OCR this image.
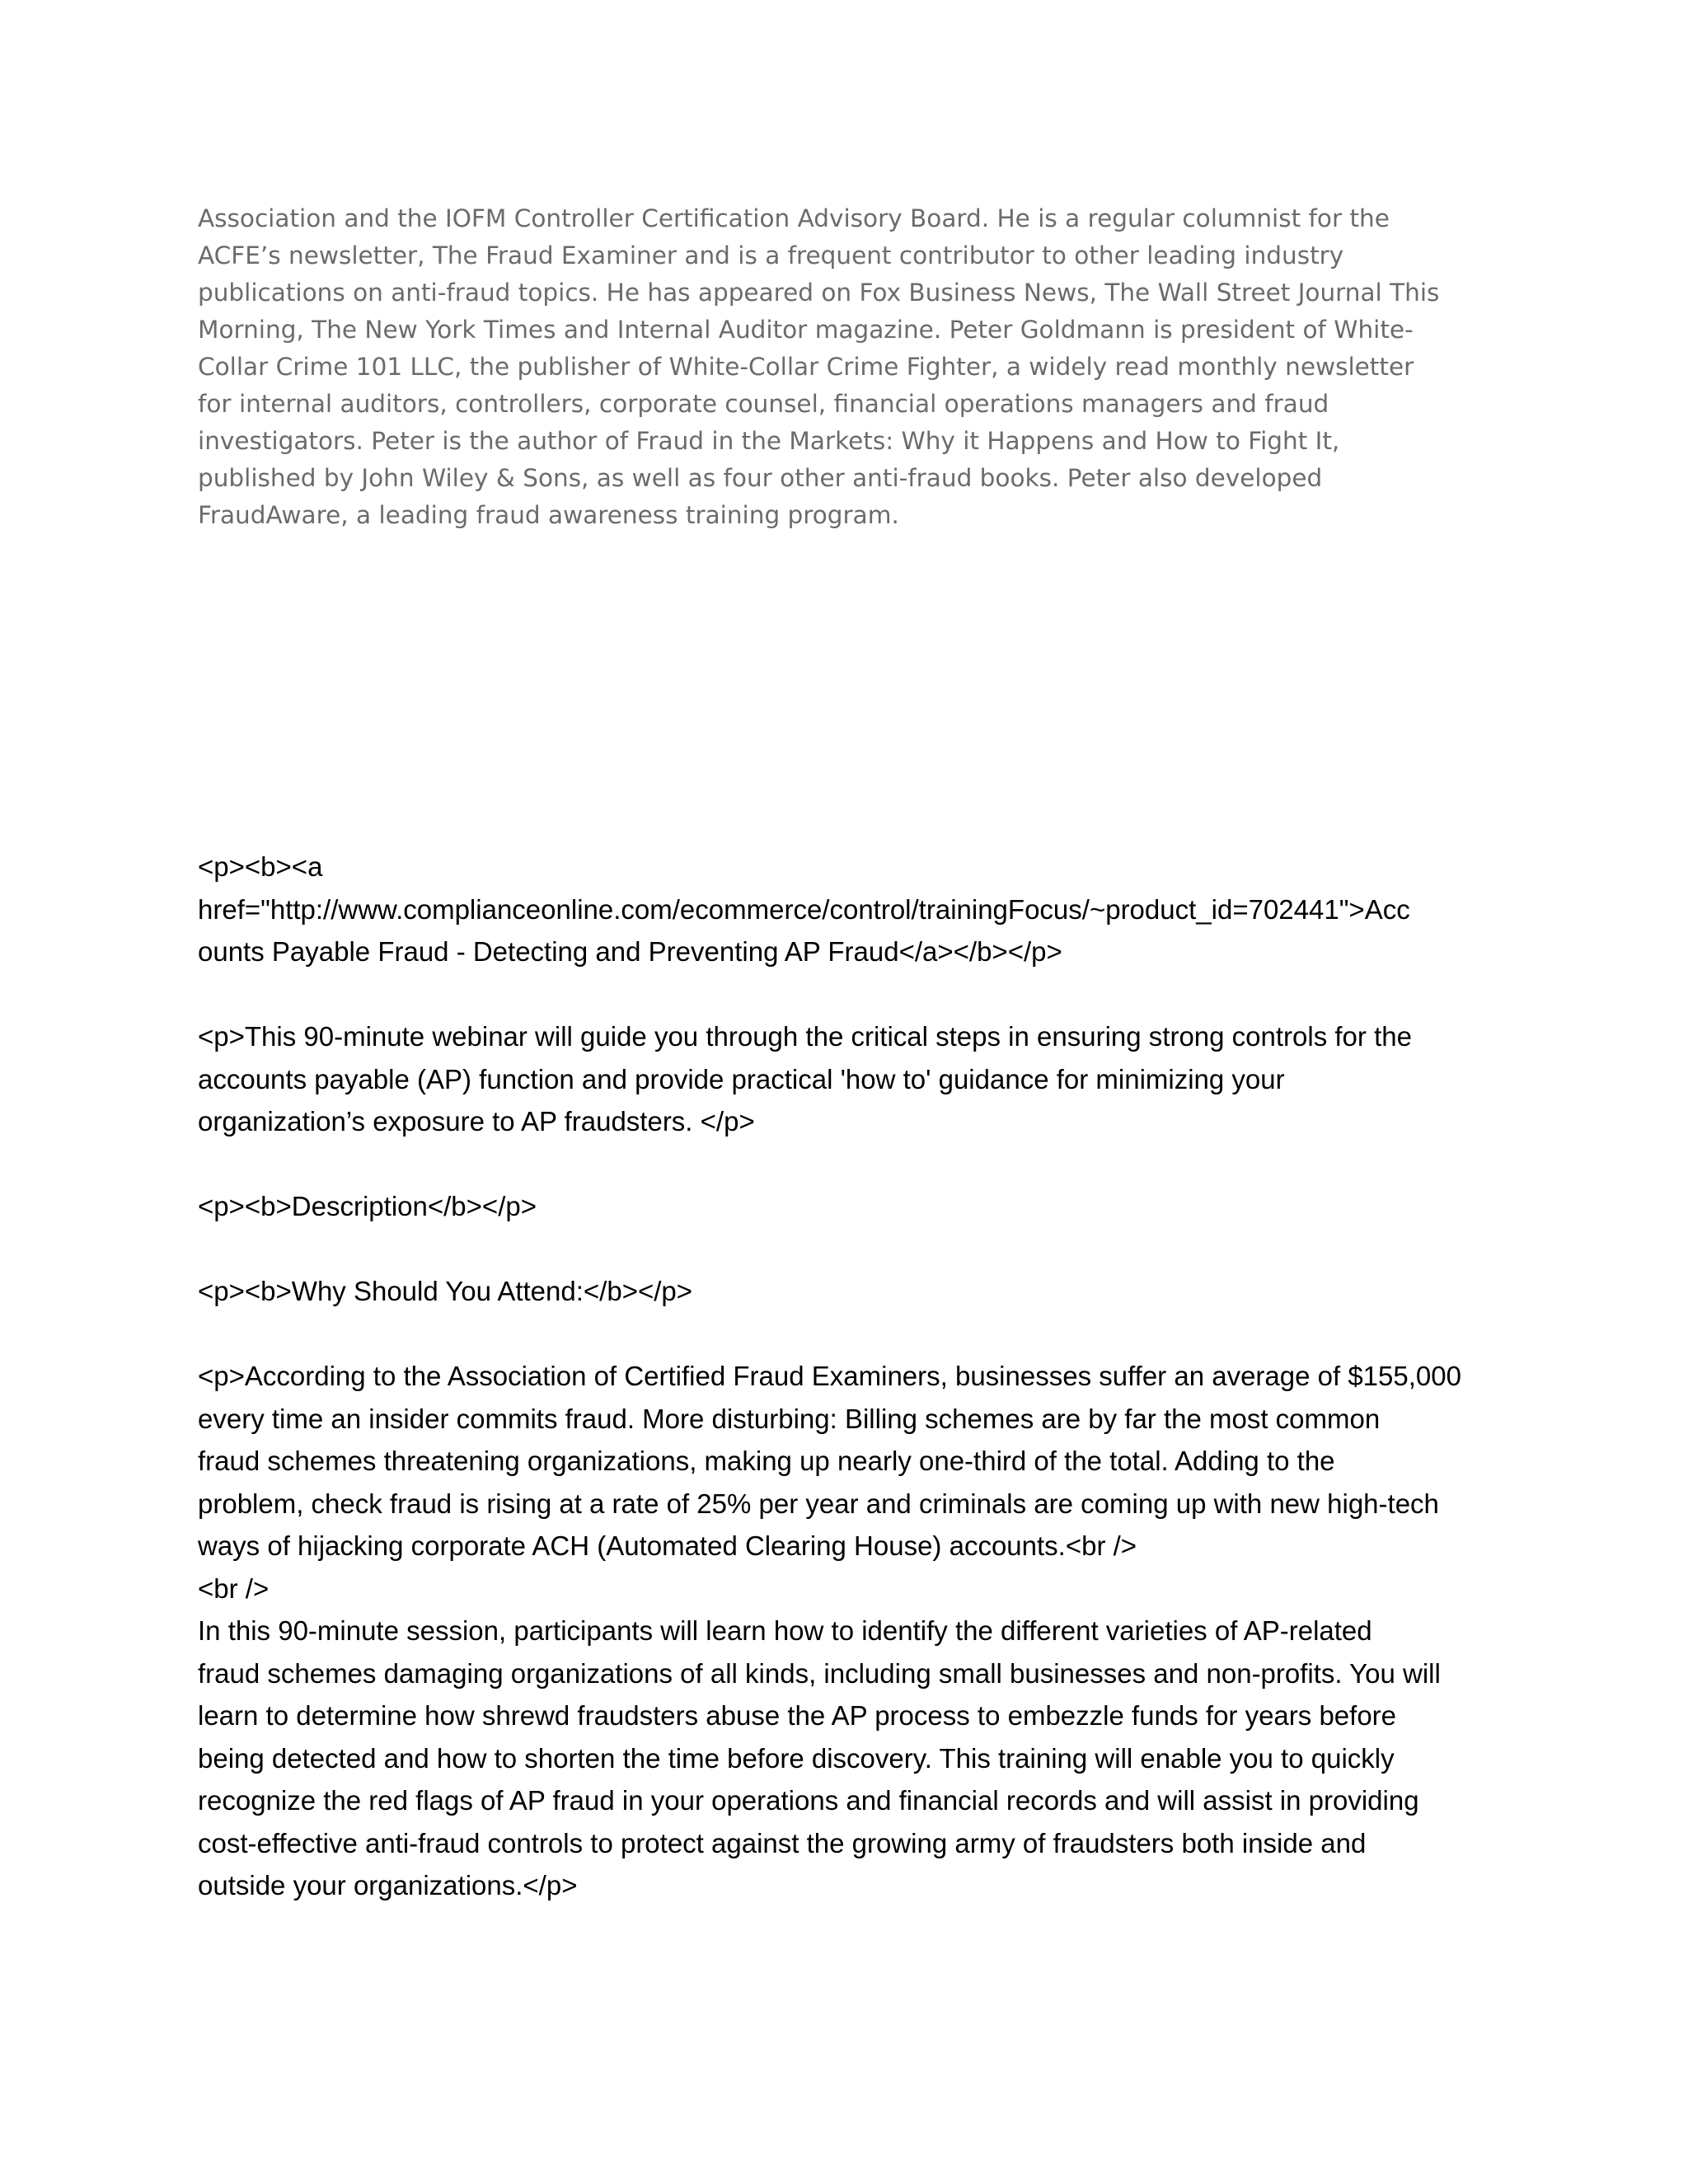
Association and the IOFM Controller Certification Advisory Board. He is a regular columnist for the
ACFE’s newsletter, The Fraud Examiner and is a frequent contributor to other leading industry
publications on anti-fraud topics. He has appeared on Fox Business News, The Wall Street Journal This
Morning, The New York Times and Internal Auditor magazine. Peter Goldmann is president of White-
Collar Crime 101 LLC, the publisher of White-Collar Crime Fighter, a widely read monthly newsletter
for internal auditors, controllers, corporate counsel, financial operations managers and fraud
investigators. Peter is the author of Fraud in the Markets: Why it Happens and How to Fight It,
published by John Wiley & Sons, as well as four other anti-fraud books. Peter also developed
FraudAware, a leading fraud awareness training program.
<p><b><a
href="http://www.complianceonline.com/ecommerce/control/trainingFocus/~product_id=702441">Acc
ounts Payable Fraud - Detecting and Preventing AP Fraud</a></b></p>
<p>This 90-minute webinar will guide you through the critical steps in ensuring strong controls for the
accounts payable (AP) function and provide practical 'how to' guidance for minimizing your
organization’s exposure to AP fraudsters. </p>
<p><b>Description</b></p>
<p><b>Why Should You Attend:</b></p>
<p>According to the Association of Certified Fraud Examiners, businesses suffer an average of $155,000
every time an insider commits fraud. More disturbing: Billing schemes are by far the most common
fraud schemes threatening organizations, making up nearly one-third of the total. Adding to the
problem, check fraud is rising at a rate of 25% per year and criminals are coming up with new high-tech
ways of hijacking corporate ACH (Automated Clearing House) accounts.<br />
<br />
In this 90-minute session, participants will learn how to identify the different varieties of AP-related
fraud schemes damaging organizations of all kinds, including small businesses and non-profits. You will
learn to determine how shrewd fraudsters abuse the AP process to embezzle funds for years before
being detected and how to shorten the time before discovery. This training will enable you to quickly
recognize the red flags of AP fraud in your operations and financial records and will assist in providing
cost-effective anti-fraud controls to protect against the growing army of fraudsters both inside and
outside your organizations.</p>
